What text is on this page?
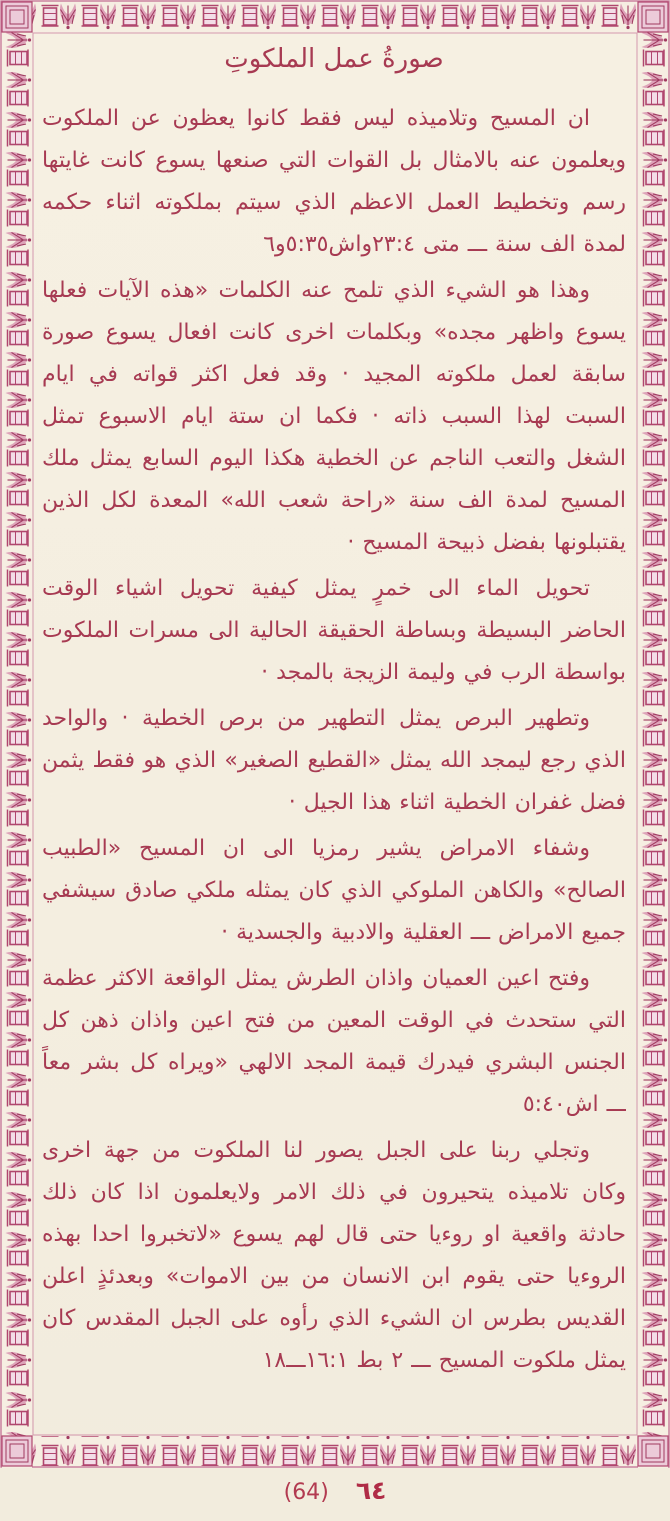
صورةُ عمل الملكوتِ

ان المسيح وتلاميذه ليس فقط كانوا يعظون عن الملكوت ويعلمون عنه بالامثال بل القوات التي صنعها يسوع كانت غايتها رسم وتخطيط العمل الاعظم الذي سيتم بملكوته اثناء حكمه لمدة الف سنة ـــ متى ٢٣:٤واش٥:٣٥و٦

وهذا هو الشيء الذي تلمح عنه الكلمات «هذه الآيات فعلها يسوع واظهر مجده» وبكلمات اخرى كانت افعال يسوع صورة سابقة لعمل ملكوته المجيد · وقد فعل اكثر قواته في ايام السبت لهذا السبب ذاته · فكما ان ستة ايام الاسبوع تمثل الشغل والتعب الناجم عن الخطية هكذا اليوم السابع يمثل ملك المسيح لمدة الف سنة «راحة شعب الله» المعدة لكل الذين يقتبلونها بفضل ذبيحة المسيح ·

تحويل الماء الى خمرٍ يمثل كيفية تحويل اشياء الوقت الحاضر البسيطة وبساطة الحقيقة الحالية الى مسرات الملكوت بواسطة الرب في وليمة الزيجة بالمجد ·

وتطهير البرص يمثل التطهير من برص الخطية · والواحد الذي رجع ليمجد الله يمثل «القطيع الصغير» الذي هو فقط يثمن فضل غفران الخطية اثناء هذا الجيل ·

وشفاء الامراض يشير رمزيا الى ان المسيح «الطبيب الصالح» والكاهن الملوكي الذي كان يمثله ملكي صادق سيشفي جميع الامراض ـــ العقلية والادبية والجسدية ·

وفتح اعين العميان واذان الطرش يمثل الواقعة الاكثر عظمة التي ستحدث في الوقت المعين من فتح اعين واذان ذهن كل الجنس البشري فيدرك قيمة المجد الالهي «ويراه كل بشر معاً ـــ اش٥:٤٠

وتجلي ربنا على الجبل يصور لنا الملكوت من جهة اخرى وكان تلاميذه يتحيرون في ذلك الامر ولايعلمون اذا كان ذلك حادثة واقعية او روءيا حتى قال لهم يسوع «لاتخبروا احدا بهذه الروءيا حتى يقوم ابن الانسان من بين الاموات» وبعدئذٍ اعلن القديس بطرس ان الشيء الذي رأوه على الجبل المقدس كان يمثل ملكوت المسيح ـــ ٢ بط ١٦:١ـــ١٨

٦٤ (64)
